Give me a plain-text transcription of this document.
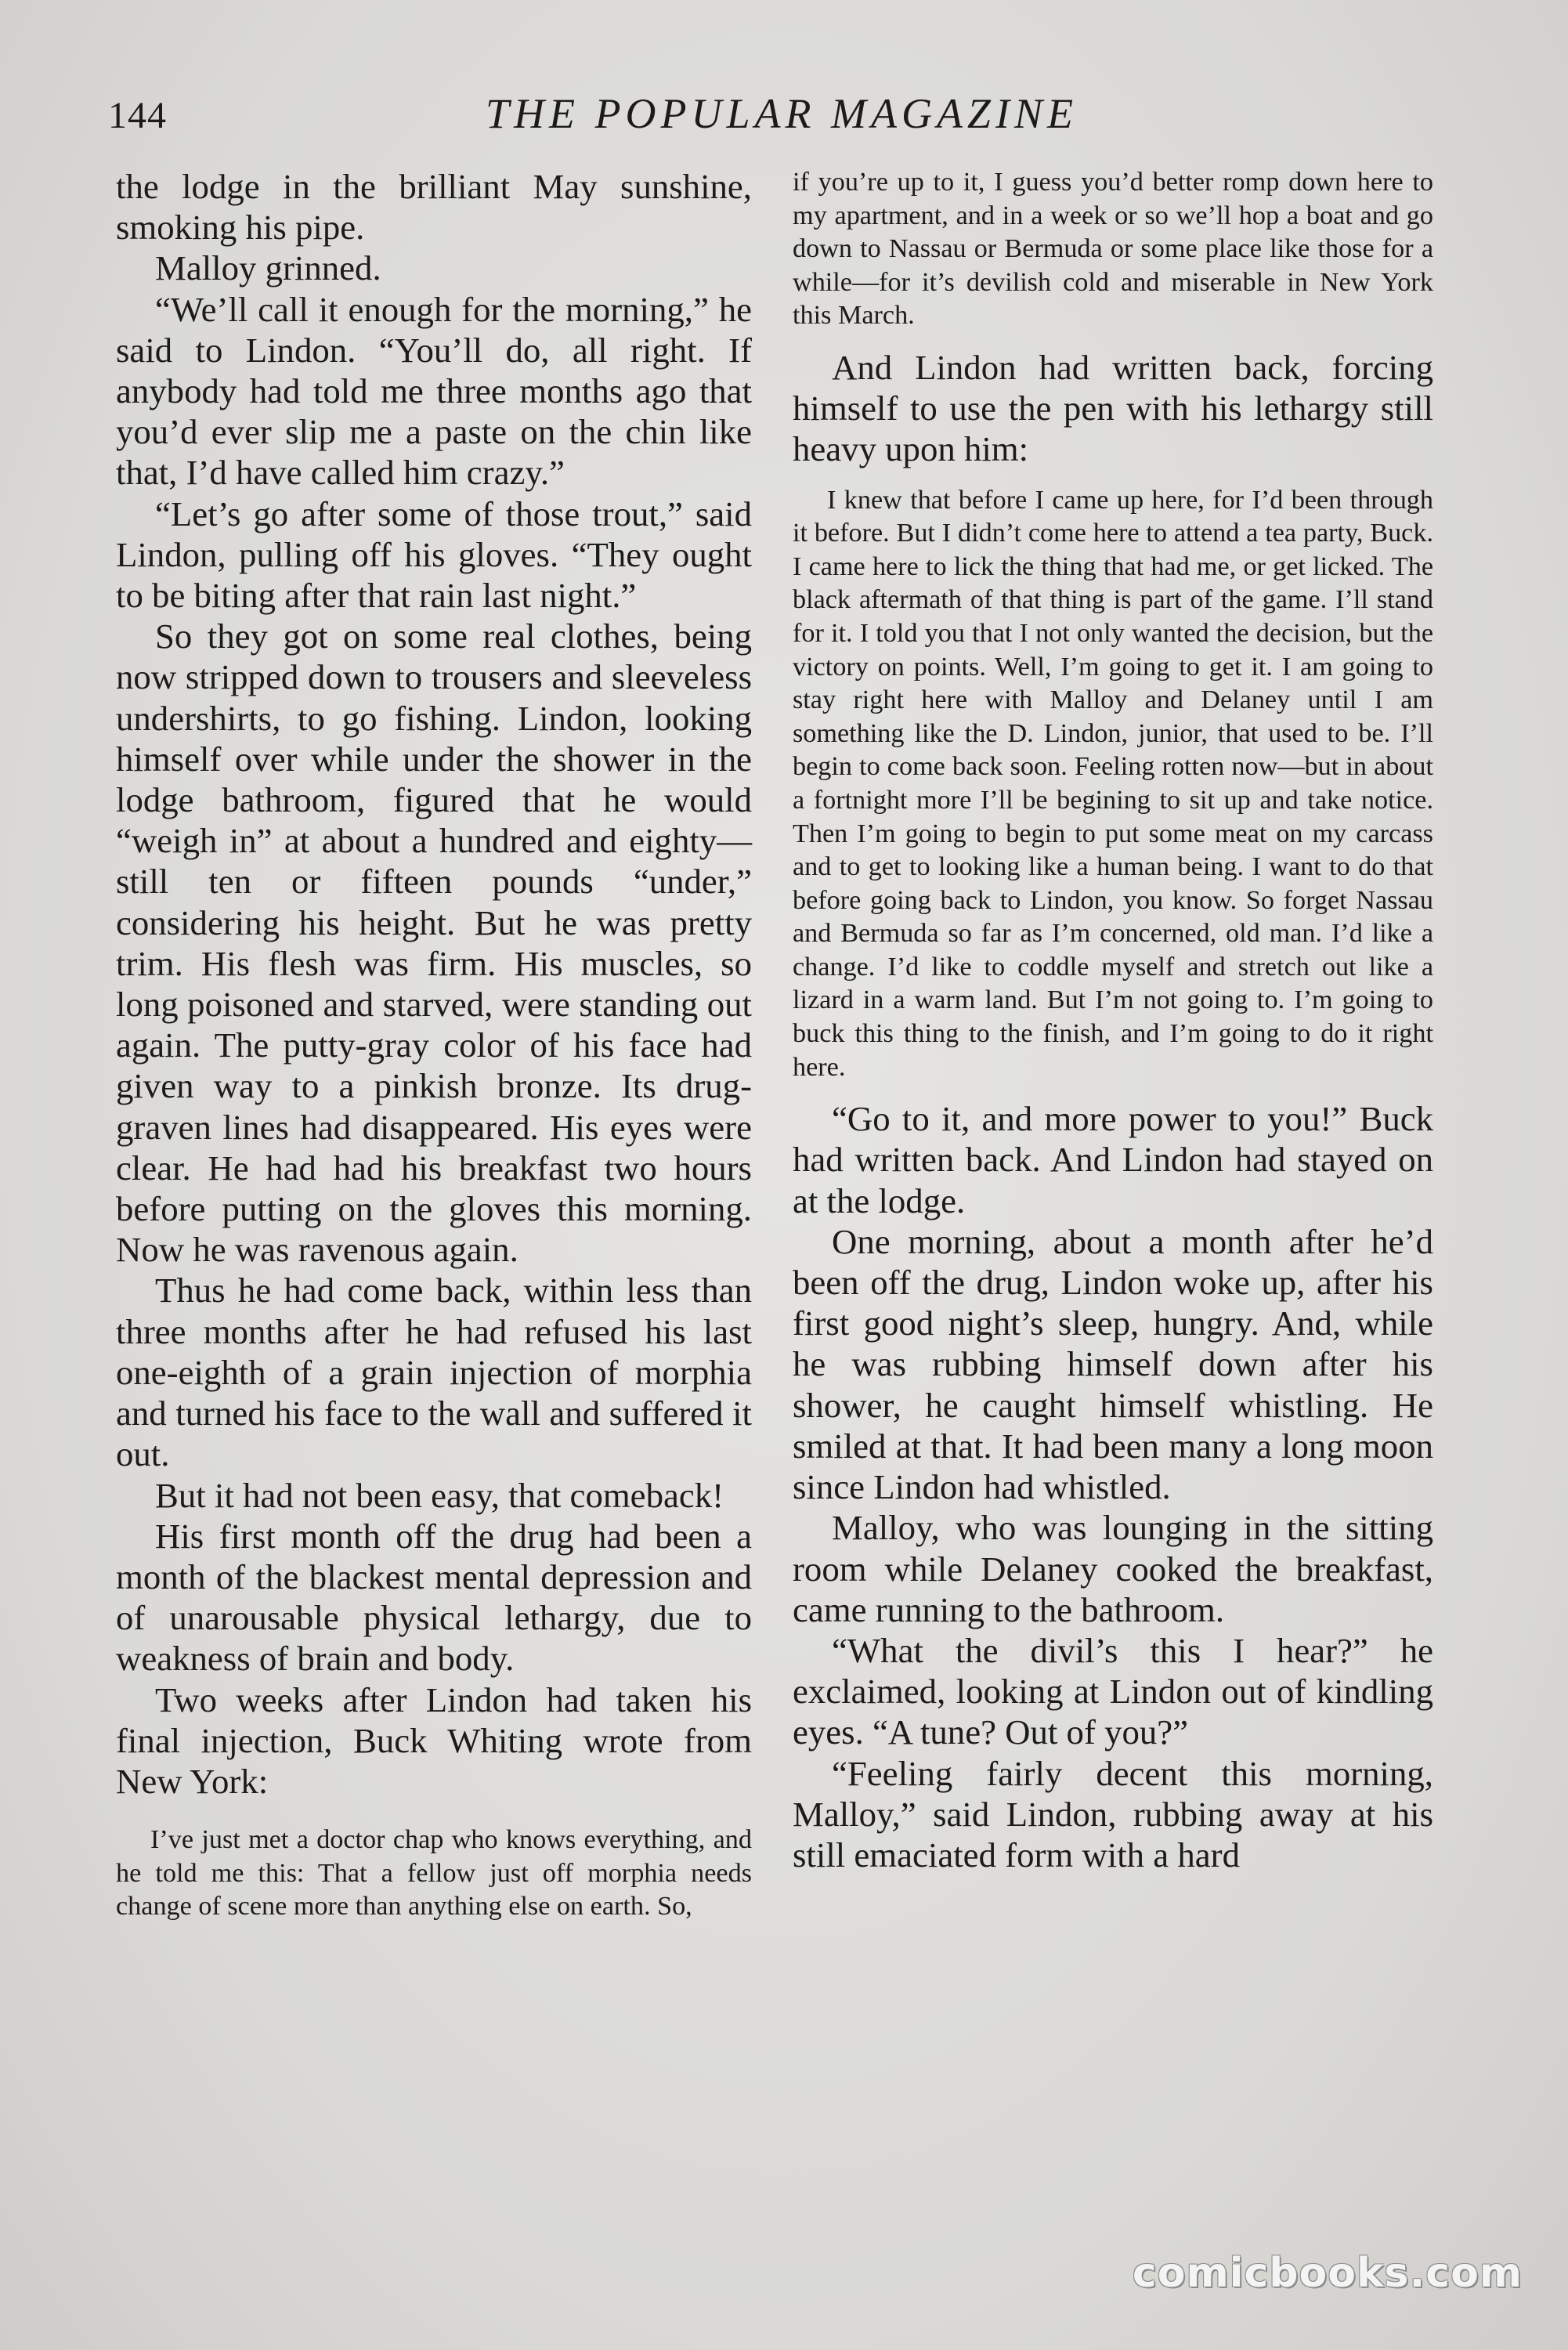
144	THE POPULAR MAGAZINE

the lodge in the brilliant May sunshine, smoking his pipe.

Malloy grinned.

“We’ll call it enough for the morning,” he said to Lindon. “You’ll do, all right. If anybody had told me three months ago that you’d ever slip me a paste on the chin like that, I’d have called him crazy.”

“Let’s go after some of those trout,” said Lindon, pulling off his gloves. “They ought to be biting after that rain last night.”

So they got on some real clothes, being now stripped down to trousers and sleeveless undershirts, to go fishing. Lindon, looking himself over while under the shower in the lodge bathroom, figured that he would “weigh in” at about a hundred and eighty—still ten or fifteen pounds “under,” considering his height. But he was pretty trim. His flesh was firm. His muscles, so long poisoned and starved, were standing out again. The putty-gray color of his face had given way to a pinkish bronze. Its drug-graven lines had disappeared. His eyes were clear. He had had his breakfast two hours before putting on the gloves this morning. Now he was ravenous again.

Thus he had come back, within less than three months after he had refused his last one-eighth of a grain injection of morphia and turned his face to the wall and suffered it out.

But it had not been easy, that comeback!

His first month off the drug had been a month of the blackest mental depression and of unarousable physical lethargy, due to weakness of brain and body.

Two weeks after Lindon had taken his final injection, Buck Whiting wrote from New York:

I’ve just met a doctor chap who knows everything, and he told me this: That a fellow just off morphia needs change of scene more than anything else on earth. So,

if you’re up to it, I guess you’d better romp down here to my apartment, and in a week or so we’ll hop a boat and go down to Nassau or Bermuda or some place like those for a while—for it’s devilish cold and miserable in New York this March.

And Lindon had written back, forcing himself to use the pen with his lethargy still heavy upon him:

I knew that before I came up here, for I’d been through it before. But I didn’t come here to attend a tea party, Buck. I came here to lick the thing that had me, or get licked. The black aftermath of that thing is part of the game. I’ll stand for it. I told you that I not only wanted the decision, but the victory on points. Well, I’m going to get it. I am going to stay right here with Malloy and Delaney until I am something like the D. Lindon, junior, that used to be. I’ll begin to come back soon. Feeling rotten now—but in about a fortnight more I’ll be begining to sit up and take notice. Then I’m going to begin to put some meat on my carcass and to get to looking like a human being. I want to do that before going back to Lindon, you know. So forget Nassau and Bermuda so far as I’m concerned, old man. I’d like a change. I’d like to coddle myself and stretch out like a lizard in a warm land. But I’m not going to. I’m going to buck this thing to the finish, and I’m going to do it right here.

“Go to it, and more power to you!” Buck had written back. And Lindon had stayed on at the lodge.

One morning, about a month after he’d been off the drug, Lindon woke up, after his first good night’s sleep, hungry. And, while he was rubbing himself down after his shower, he caught himself whistling. He smiled at that. It had been many a long moon since Lindon had whistled.

Malloy, who was lounging in the sitting room while Delaney cooked the breakfast, came running to the bathroom.

“What the divil’s this I hear?” he exclaimed, looking at Lindon out of kindling eyes. “A tune? Out of you?”

“Feeling fairly decent this morning, Malloy,” said Lindon, rubbing away at his still emaciated form with a hard

comicbooks.com
